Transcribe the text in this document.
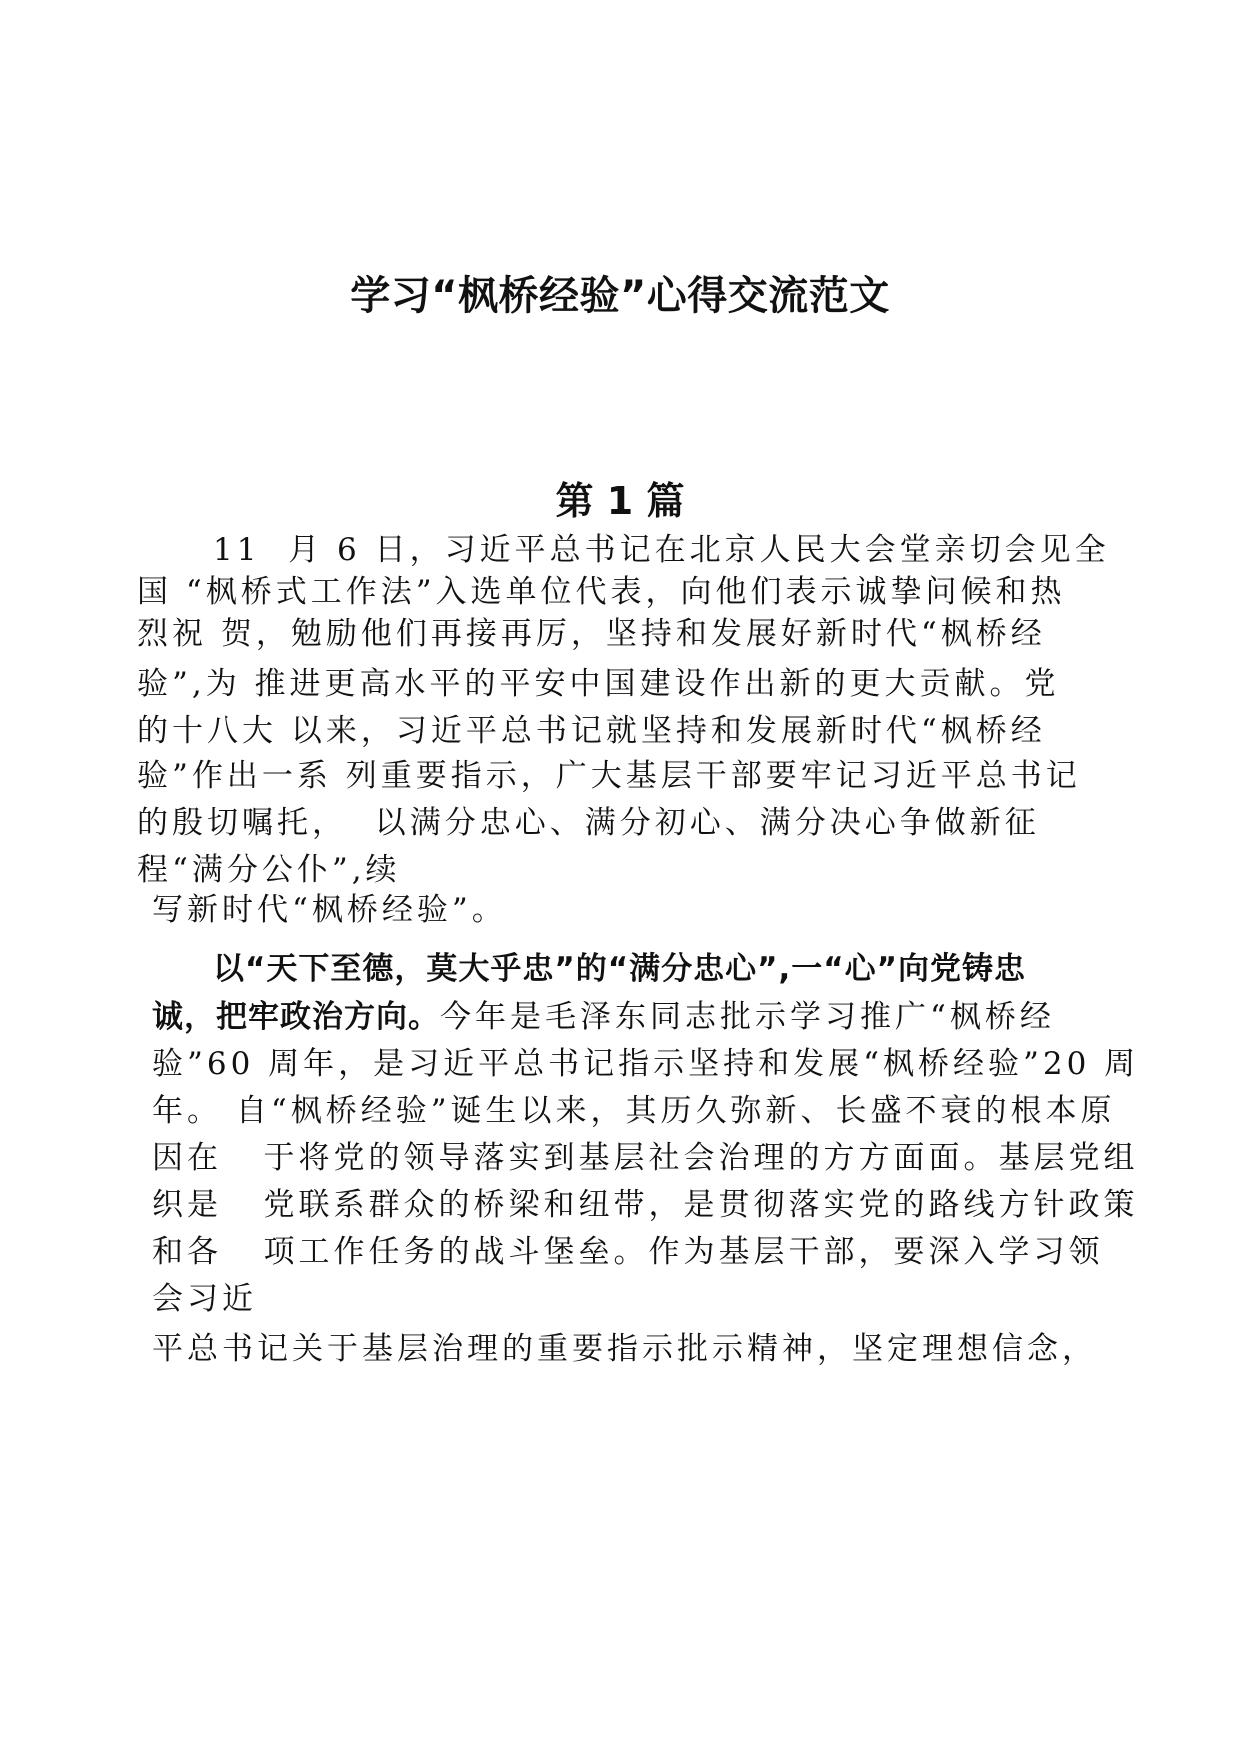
学习“枫桥经验”心得交流范文
第 1 篇

11  月 6 日，习近平总书记在北京人民大会堂亲切会见全

国 “枫桥式工作法”入选单位代表，向他们表示诚挚问候和热

烈祝 贺，勉励他们再接再厉，坚持和发展好新时代“枫桥经

验”,为 推进更高水平的平安中国建设作出新的更大贡献。党

的十八大 以来，习近平总书记就坚持和发展新时代“枫桥经

验”作出一系 列重要指示，广大基层干部要牢记习近平总书记

的殷切嘱托，  以满分忠心、满分初心、满分决心争做新征

程“满分公仆”,续

写新时代“枫桥经验”。

以“天下至德，莫大乎忠”的“满分忠心”,一“心”向党铸忠

诚，把牢政治方向。今年是毛泽东同志批示学习推广“枫桥经

验”60 周年，是习近平总书记指示坚持和发展“枫桥经验”20 周

年。 自“枫桥经验”诞生以来，其历久弥新、长盛不衰的根本原

因在   于将党的领导落实到基层社会治理的方方面面。基层党组

织是   党联系群众的桥梁和纽带，是贯彻落实党的路线方针政策

和各   项工作任务的战斗堡垒。作为基层干部，要深入学习领

会习近

平总书记关于基层治理的重要指示批示精神，坚定理想信念，
